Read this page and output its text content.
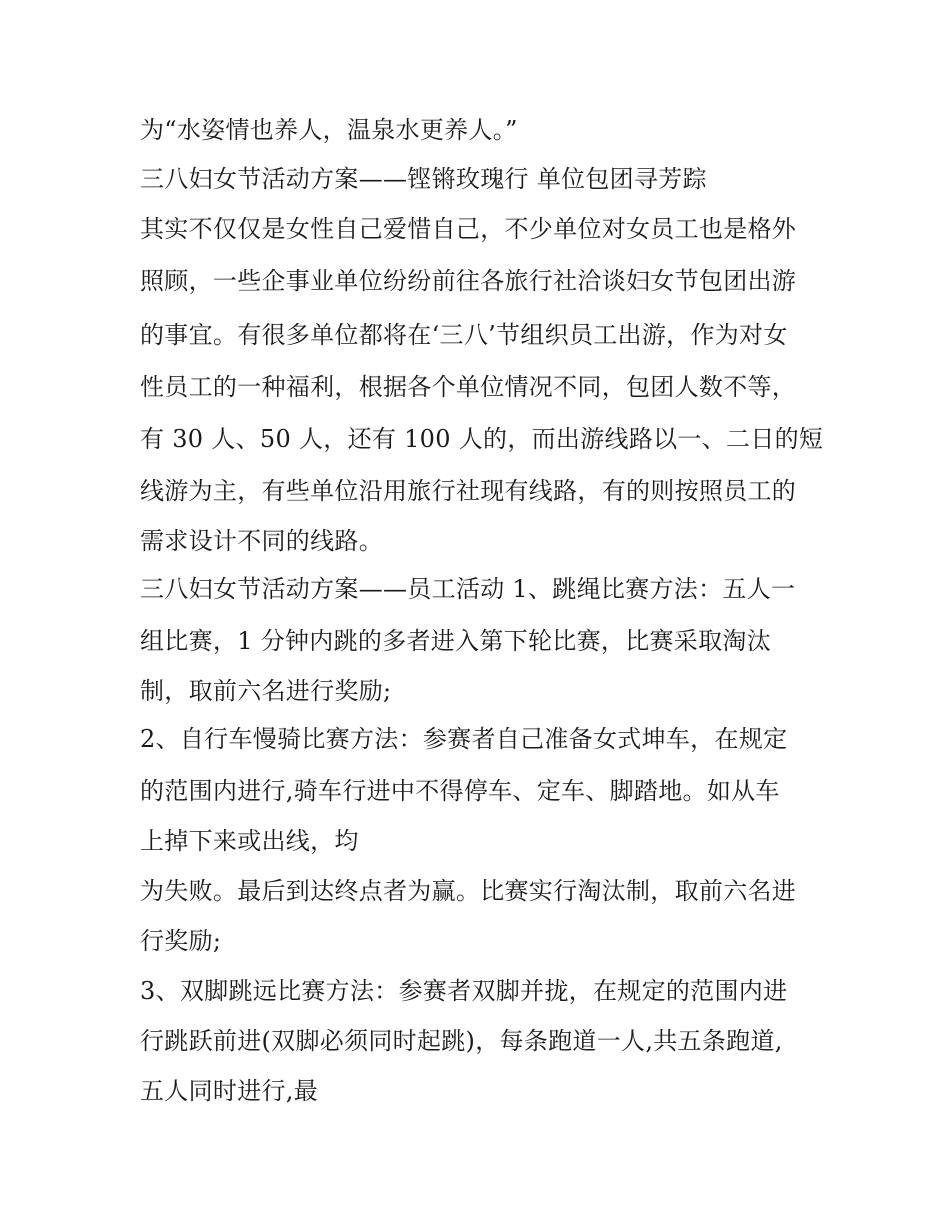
为“水姿情也养人，温泉水更养人。”
三八妇女节活动方案——铿锵玫瑰行 单位包团寻芳踪
其实不仅仅是女性自己爱惜自己，不少单位对女员工也是格外
照顾，一些企事业单位纷纷前往各旅行社洽谈妇女节包团出游
的事宜。有很多单位都将在‘三八’节组织员工出游，作为对女
性员工的一种福利，根据各个单位情况不同，包团人数不等，
有 30 人、50 人，还有 100 人的，而出游线路以一、二日的短
线游为主，有些单位沿用旅行社现有线路，有的则按照员工的
需求设计不同的线路。
三八妇女节活动方案——员工活动 1、跳绳比赛方法：五人一
组比赛，1 分钟内跳的多者进入第下轮比赛，比赛采取淘汰
制，取前六名进行奖励;
2、自行车慢骑比赛方法：参赛者自己准备女式坤车，在规定
的范围内进行,骑车行进中不得停车、定车、脚踏地。如从车
上掉下来或出线，均
为失败。最后到达终点者为赢。比赛实行淘汰制，取前六名进
行奖励;
3、双脚跳远比赛方法：参赛者双脚并拢，在规定的范围内进
行跳跃前进(双脚必须同时起跳)，每条跑道一人,共五条跑道,
五人同时进行,最
